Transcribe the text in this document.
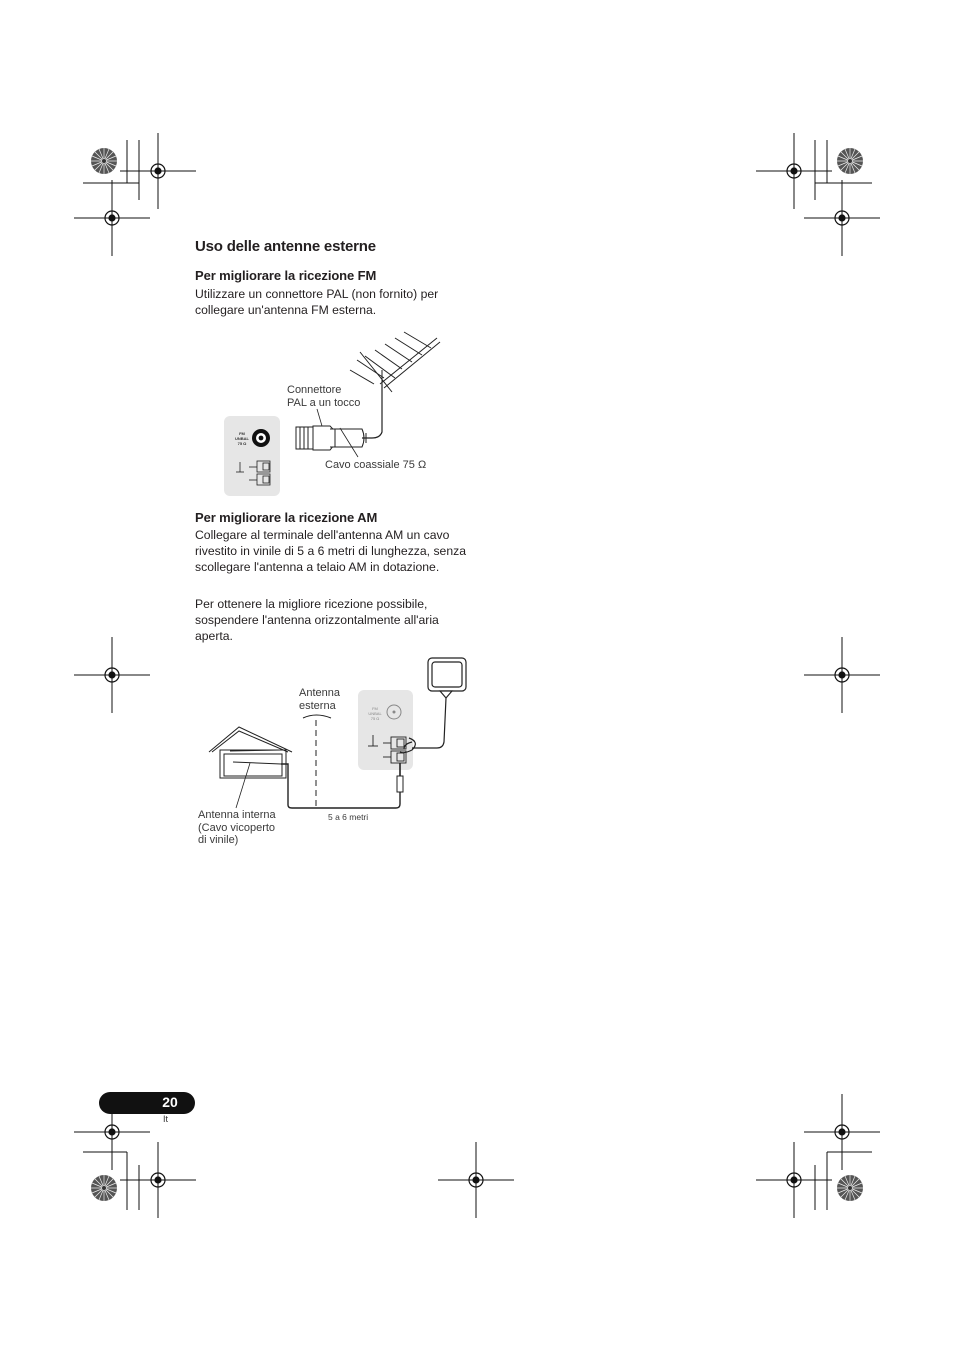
Uso delle antenne esterne
Per migliorare la ricezione FM
Utilizzare un connettore PAL (non fornito) per collegare un'antenna FM esterna.
FM
UNBAL
75 Ω
Connettore
PAL a un tocco
Cavo coassiale 75 Ω
Per migliorare la ricezione AM
Collegare al terminale dell'antenna AM un cavo rivestito in vinile di 5 a 6 metri di lunghezza, senza scollegare l'antenna a telaio AM in dotazione.
Per ottenere la migliore ricezione possibile, sospendere l'antenna orizzontalmente all'aria aperta.
FM
UNBAL
75 Ω
Antenna
esterna
Antenna interna
(Cavo vicoperto
di vinile)
5 a 6 metri
20
It
